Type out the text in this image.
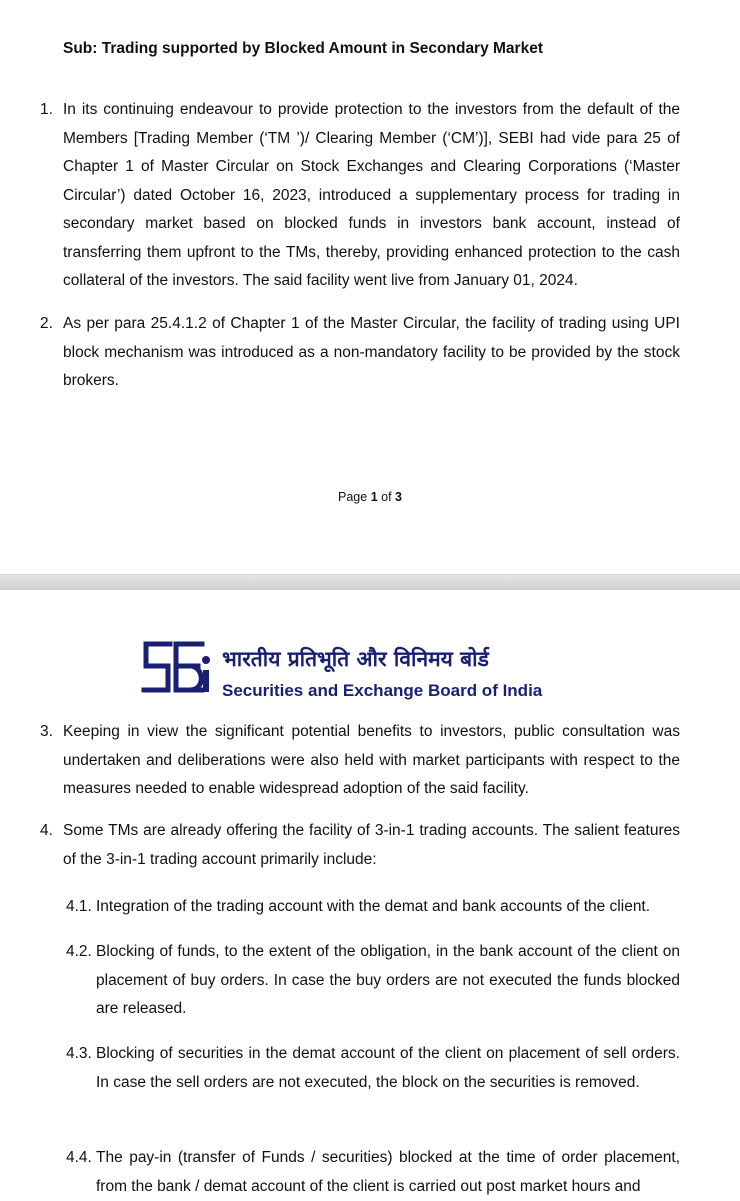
Sub: Trading supported by Blocked Amount in Secondary Market
1. In its continuing endeavour to provide protection to the investors from the default of the Members [Trading Member (‘TM ’)/ Clearing Member (‘CM’)], SEBI had vide para 25 of Chapter 1 of Master Circular on Stock Exchanges and Clearing Corporations (‘Master Circular’) dated October 16, 2023, introduced a supplementary process for trading in secondary market based on blocked funds in investors bank account, instead of transferring them upfront to the TMs, thereby, providing enhanced protection to the cash collateral of the investors. The said facility went live from January 01, 2024.
2. As per para 25.4.1.2 of Chapter 1 of the Master Circular, the facility of trading using UPI block mechanism was introduced as a non-mandatory facility to be provided by the stock brokers.
Page 1 of 3
भारतीय प्रतिभूति और विनिमय बोर्ड
Securities and Exchange Board of India
3. Keeping in view the significant potential benefits to investors, public consultation was undertaken and deliberations were also held with market participants with respect to the measures needed to enable widespread adoption of the said facility.
4. Some TMs are already offering the facility of 3-in-1 trading accounts. The salient features of the 3-in-1 trading account primarily include:
4.1. Integration of the trading account with the demat and bank accounts of the client.
4.2. Blocking of funds, to the extent of the obligation, in the bank account of the client on placement of buy orders. In case the buy orders are not executed the funds blocked are released.
4.3. Blocking of securities in the demat account of the client on placement of sell orders. In case the sell orders are not executed, the block on the securities is removed.
4.4. The pay-in (transfer of Funds / securities) blocked at the time of order placement, from the bank / demat account of the client is carried out post market hours and
